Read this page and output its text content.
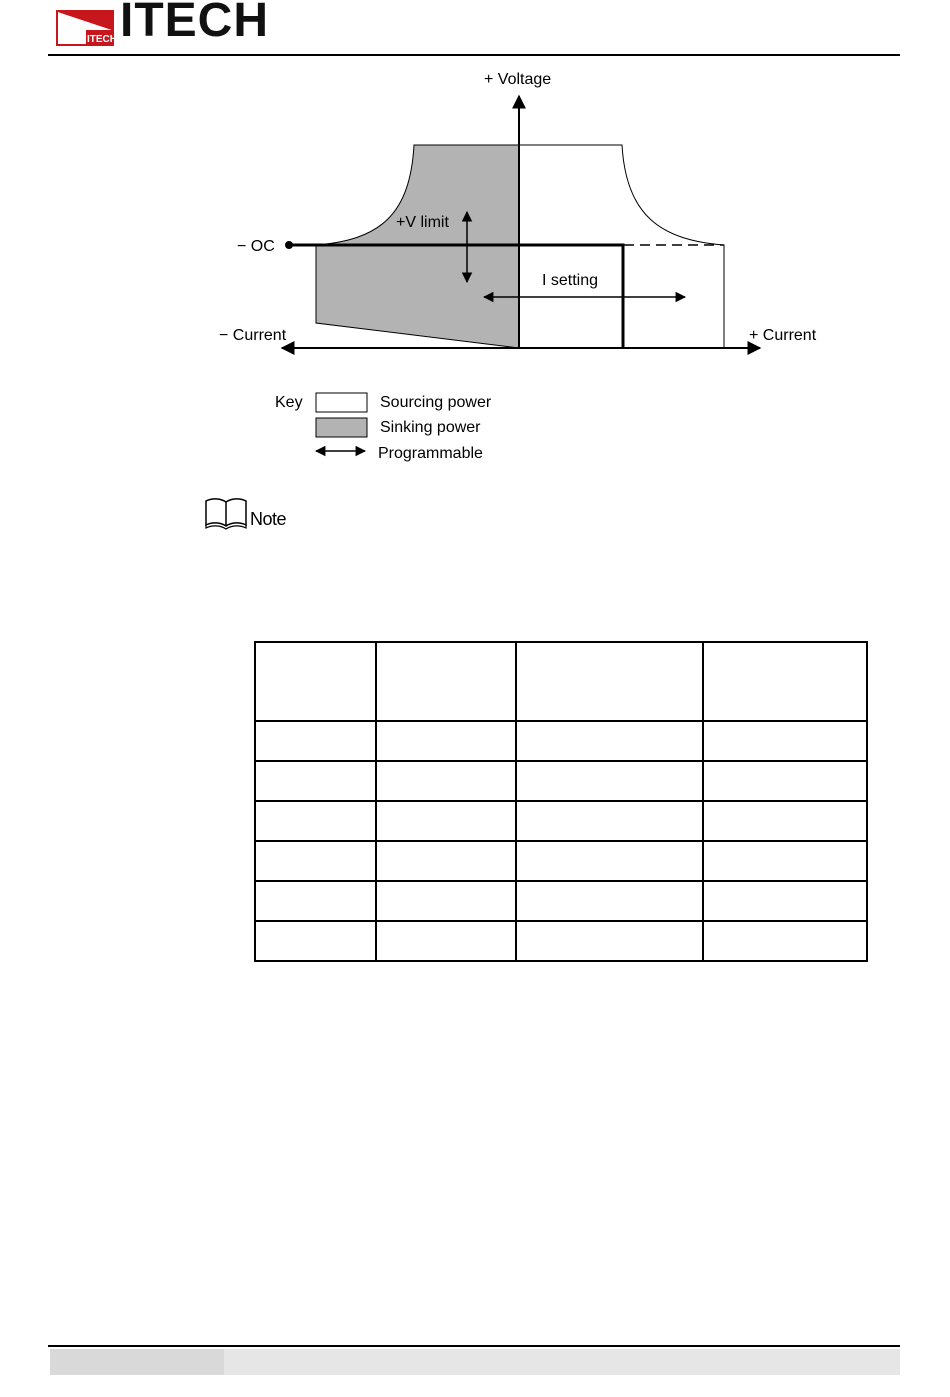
ITECH ITECH
+ Voltage
+ Current
− Current
− OC
+V limit
I setting
Key	Sourcing power
Sinking power
Programmable
Note
